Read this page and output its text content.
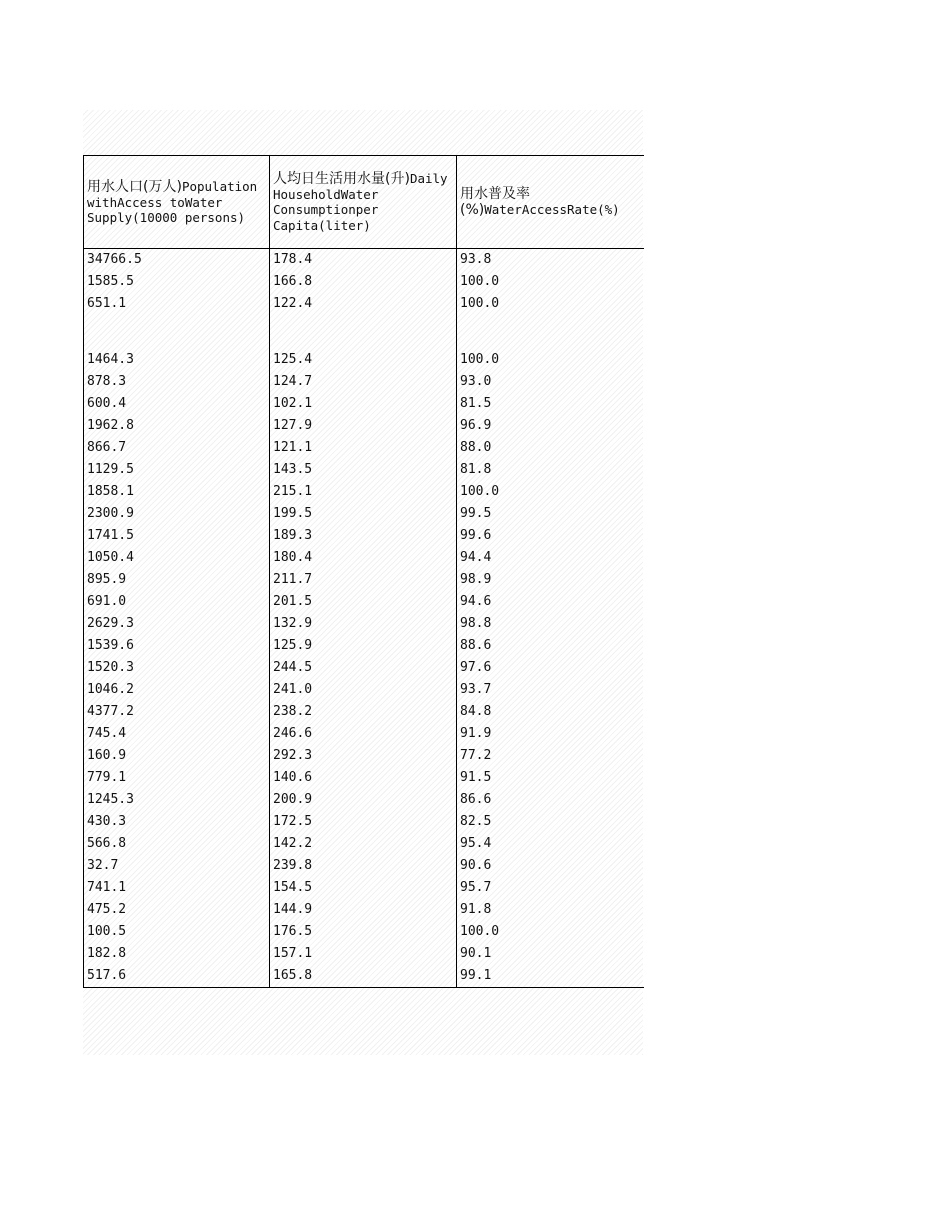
用水人口(万人)Population withAccess toWater Supply(10000 persons)	人均日生活用水量(升)Daily HouseholdWater Consumptionper Capita(liter)	用水普及率(%)WaterAccessRate(%)
34766.5	178.4	93.8
1585.5	166.8	100.0
651.1	122.4	100.0

1464.3	125.4	100.0
878.3	124.7	93.0
600.4	102.1	81.5
1962.8	127.9	96.9
866.7	121.1	88.0
1129.5	143.5	81.8
1858.1	215.1	100.0
2300.9	199.5	99.5
1741.5	189.3	99.6
1050.4	180.4	94.4
895.9	211.7	98.9
691.0	201.5	94.6
2629.3	132.9	98.8
1539.6	125.9	88.6
1520.3	244.5	97.6
1046.2	241.0	93.7
4377.2	238.2	84.8
745.4	246.6	91.9
160.9	292.3	77.2
779.1	140.6	91.5
1245.3	200.9	86.6
430.3	172.5	82.5
566.8	142.2	95.4
32.7	239.8	90.6
741.1	154.5	95.7
475.2	144.9	91.8
100.5	176.5	100.0
182.8	157.1	90.1
517.6	165.8	99.1
